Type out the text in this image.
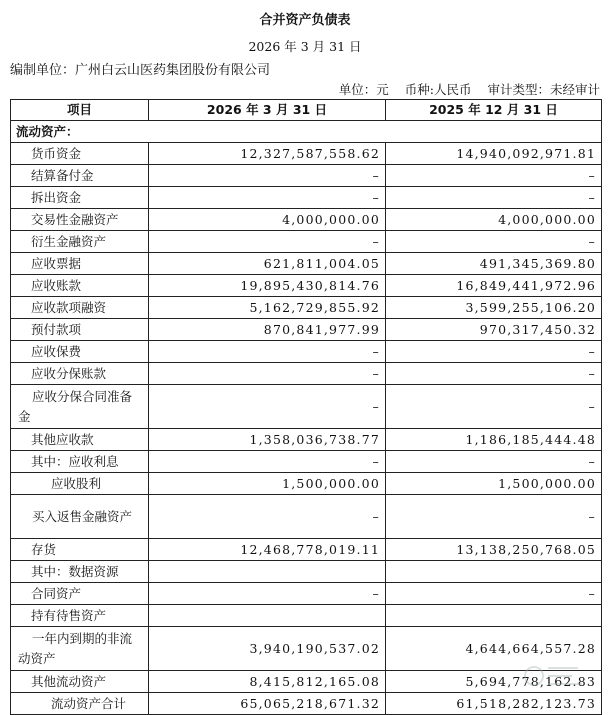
合并资产负债表
2026 年 3 月 31 日
编制单位：广州白云山医药集团股份有限公司
单位：元 币种:人民币 审计类型：未经审计
项目	2026 年 3 月 31 日	2025 年 12 月 31 日
流动资产：		
货币资金	12,327,587,558.62	14,940,092,971.81
结算备付金	–	–
拆出资金	–	–
交易性金融资产	4,000,000.00	4,000,000.00
衍生金融资产	–	–
应收票据	621,811,004.05	491,345,369.80
应收账款	19,895,430,814.76	16,849,441,972.96
应收款项融资	5,162,729,855.92	3,599,255,106.20
预付款项	870,841,977.99	970,317,450.32
应收保费	–	–
应收分保账款	–	–
应收分保合同准备金	–	–
其他应收款	1,358,036,738.77	1,186,185,444.48
其中：应收利息	–	–
应收股利	1,500,000.00	1,500,000.00
买入返售金融资产	–	–
存货	12,468,778,019.11	13,138,250,768.05
其中：数据资源		
合同资产	–	–
持有待售资产		
一年内到期的非流动资产	3,940,190,537.02	4,644,664,557.28
其他流动资产	8,415,812,165.08	5,694,778,162.83
流动资产合计	65,065,218,671.32	61,518,282,123.73
